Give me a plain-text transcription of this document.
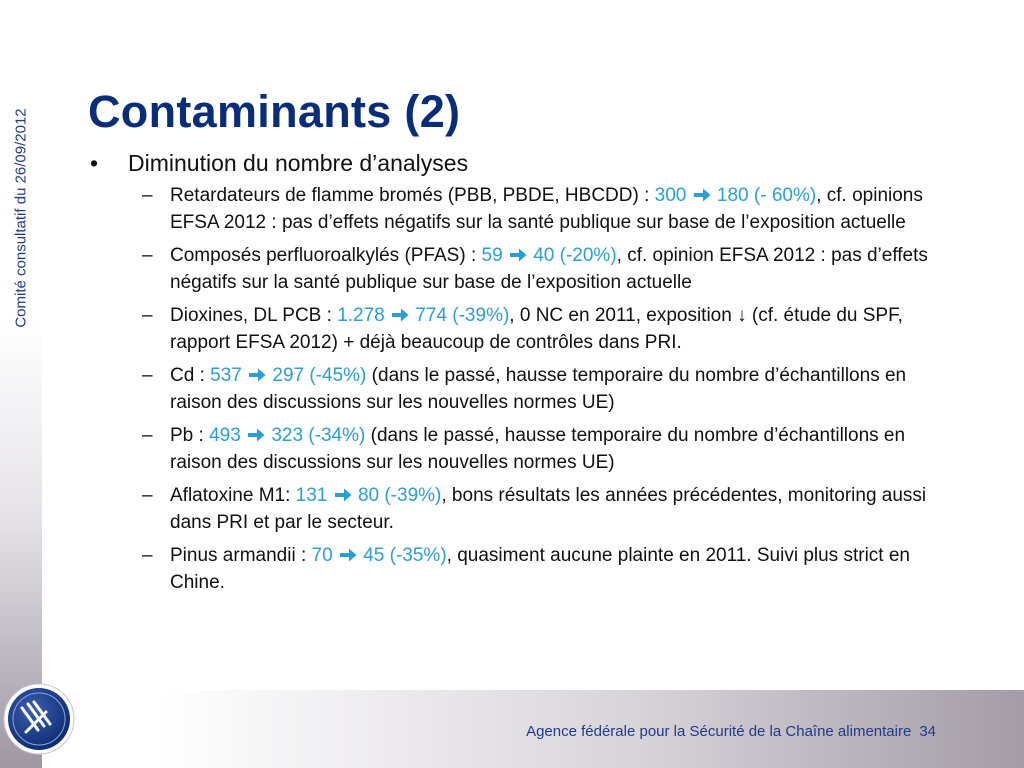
Comité consultatif du 26/09/2012 Contaminants (2)
•	Diminution du nombre d’analyses
– Retardateurs de flamme bromés (PBB, PBDE, HBCDD) : 300 180 (- 60%), cf. opinions EFSA 2012 : pas d’effets négatifs sur la santé publique sur base de l’exposition actuelle
– Composés perfluoroalkylés (PFAS) : 59 40 (-20%), cf. opinion EFSA 2012 : pas d’effets négatifs sur la santé publique sur base de l’exposition actuelle
– Dioxines, DL PCB : 1.278 774 (-39%), 0 NC en 2011, exposition ↓ (cf. étude du SPF, rapport EFSA 2012) + déjà beaucoup de contrôles dans PRI.
– Cd : 537 297 (-45%) (dans le passé, hausse temporaire du nombre d’échantillons en raison des discussions sur les nouvelles normes UE)
– Pb : 493 323 (-34%) (dans le passé, hausse temporaire du nombre d’échantillons en raison des discussions sur les nouvelles normes UE)
– Aflatoxine M1: 131 80 (-39%), bons résultats les années précédentes, monitoring aussi dans PRI et par le secteur.
– Pinus armandii : 70 45 (-35%), quasiment aucune plainte en 2011. Suivi plus strict en Chine.
Agence fédérale pour la Sécurité de la Chaîne alimentaire 34
